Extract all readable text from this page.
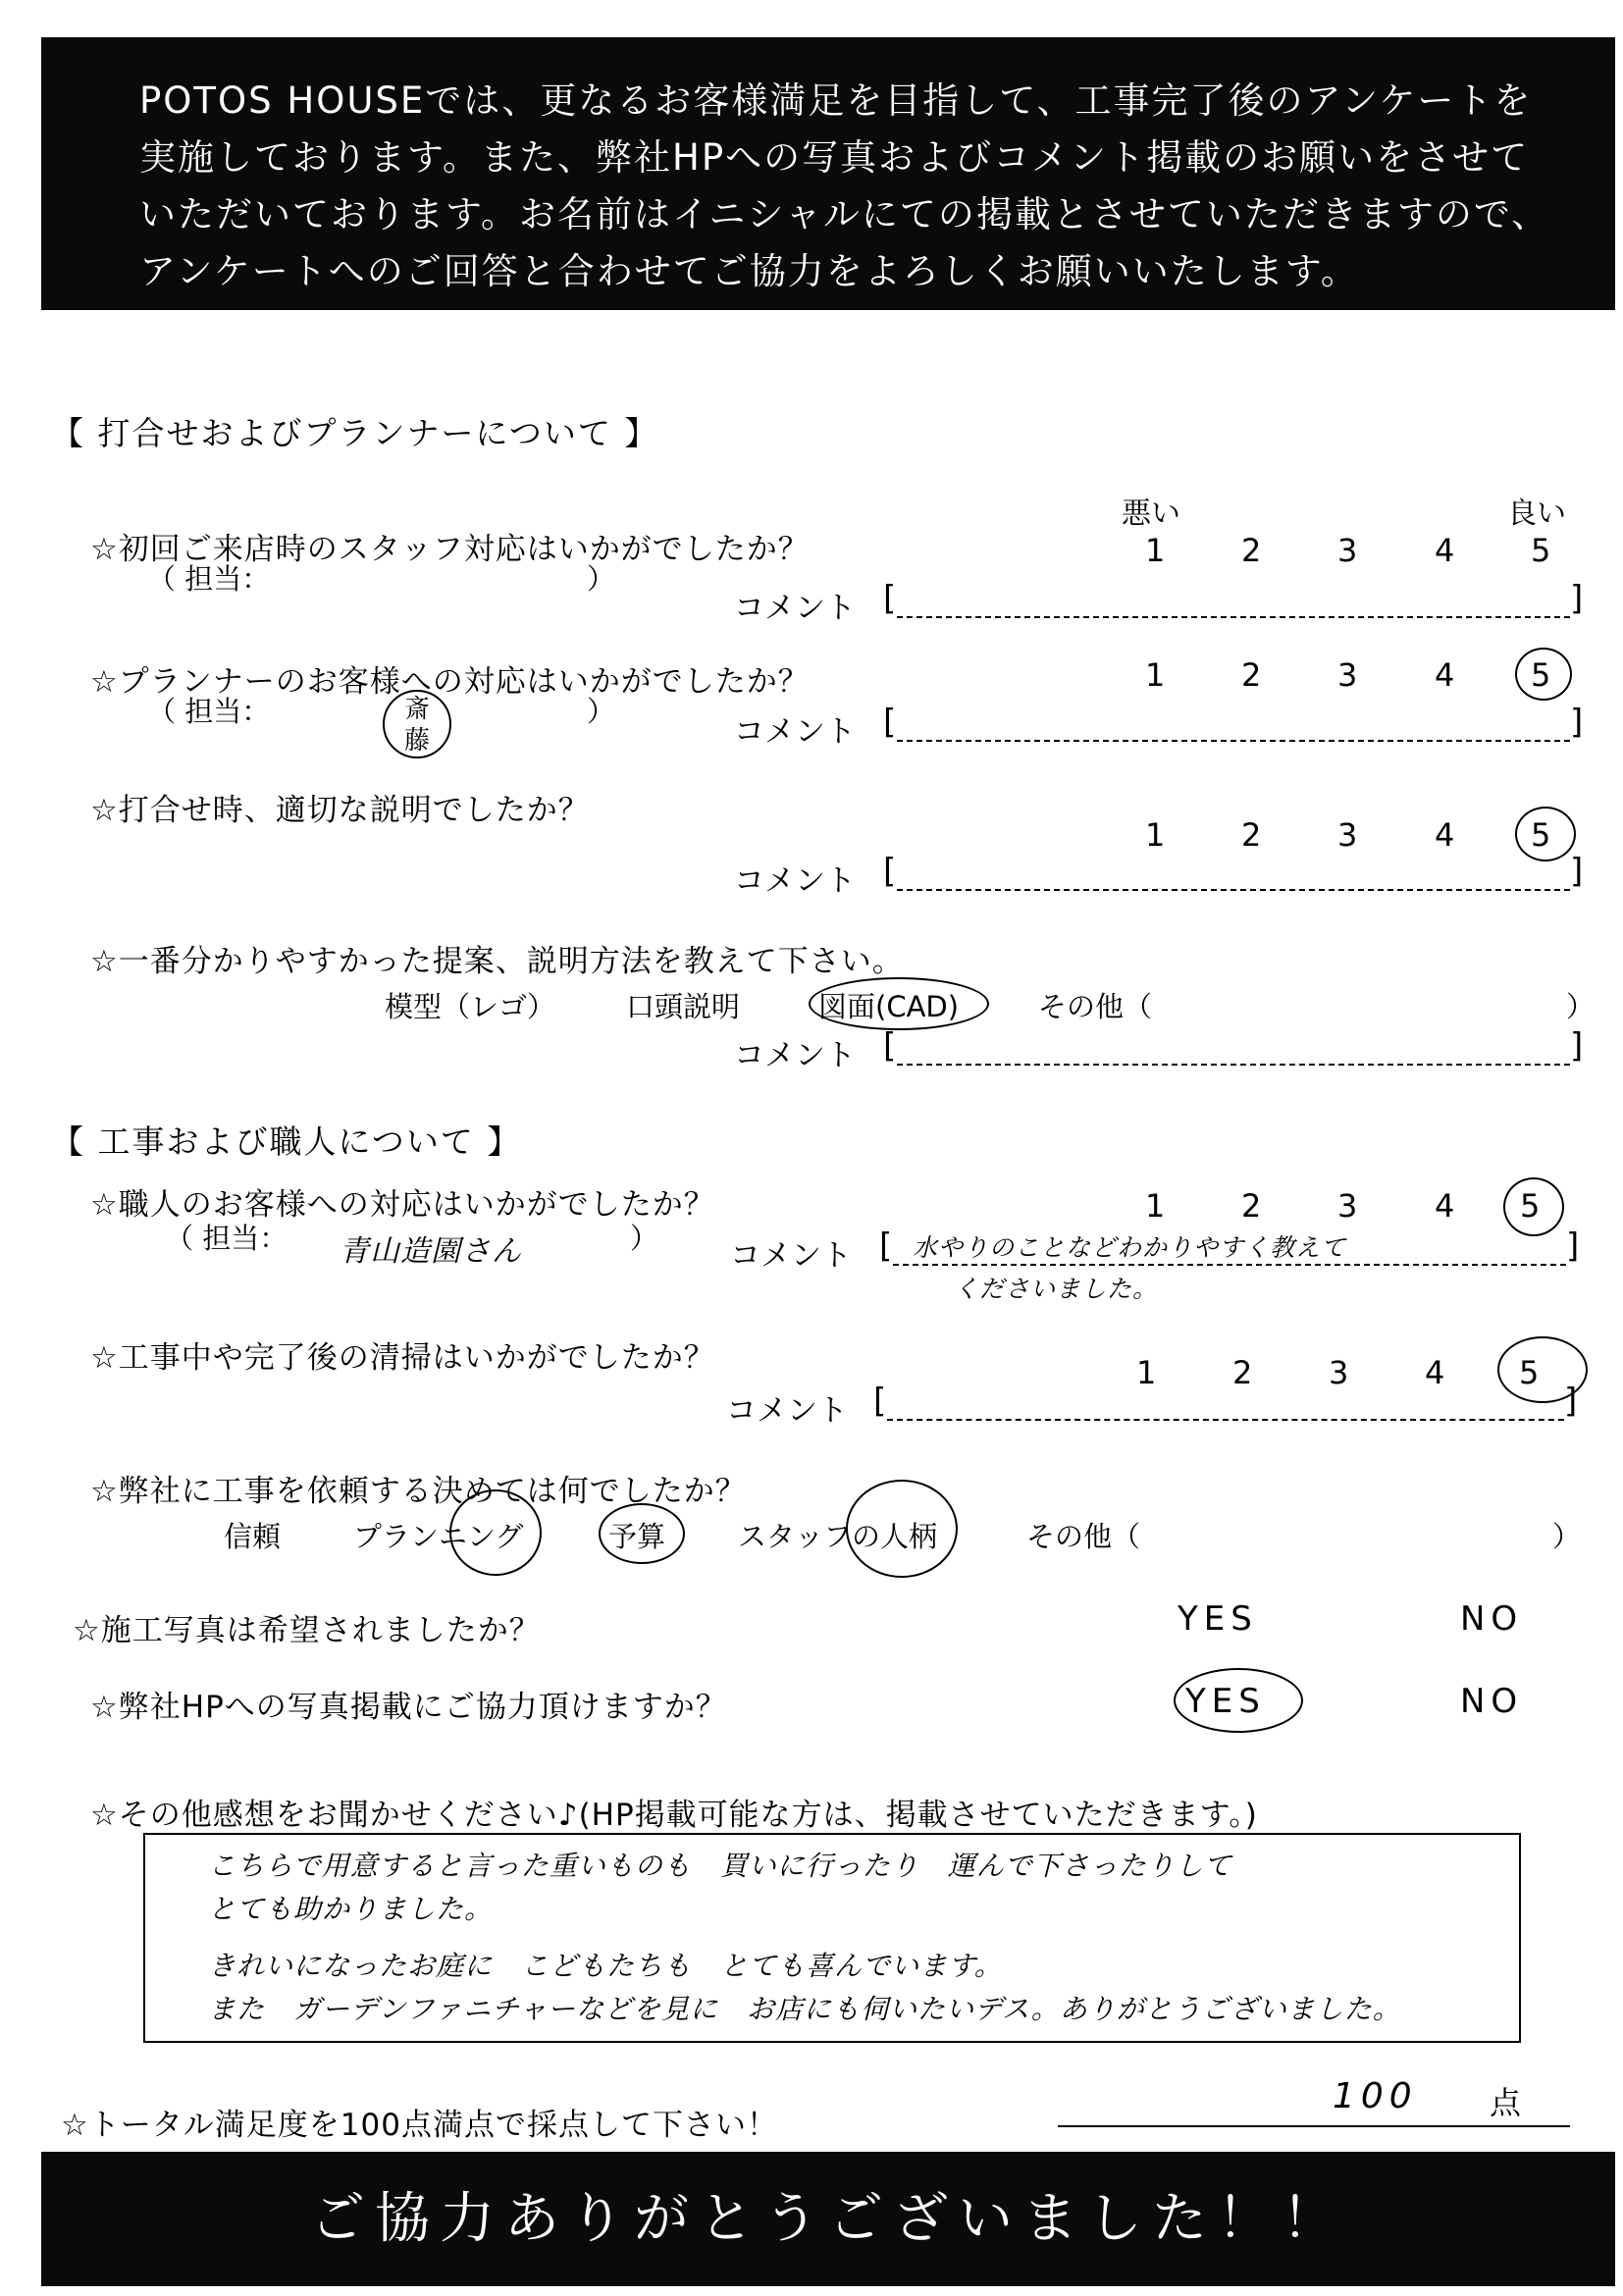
POTOS HOUSEでは、更なるお客様満足を目指して、工事完了後のアンケートを
実施しております。また、弊社HPへの写真およびコメント掲載のお願いをさせて
いただいております。お名前はイニシャルにての掲載とさせていただきますので、
アンケートへのご回答と合わせてご協力をよろしくお願いいたします。
【 打合せおよびプランナーについて 】
悪い	良い
☆初回ご来店時のスタッフ対応はいかがでしたか？
（ 担当：	）
1 2 3 4 5
コメント [	]
☆プランナーのお客様への対応はいかがでしたか？
（ 担当：	斎藤
）
1 2 3 4 5
コメント [	]
☆打合せ時、適切な説明でしたか？
1 2 3 4 5
コメント [	]
☆一番分かりやすかった提案、説明方法を教えて下さい。
模型（レゴ） 口頭説明	図面(CAD)	その他（	）
コメント [	]
【 工事および職人について 】
☆職人のお客様への対応はいかがでしたか？
（ 担当： 青山造園さん	）
1 2 3 4 5
コメント [ 水やりのことなどわかりやすく教えて	]
くださいました。
☆工事中や完了後の清掃はいかがでしたか？	1 2 3 4 5
コメント [	]
☆弊社に工事を依頼する決めては何でしたか？
信頼	プランニング	予算	スタッフの人柄	その他（	）
☆施工写真は希望されましたか？	YES	NO
☆弊社HPへの写真掲載にご協力頂けますか？	YES	NO
☆その他感想をお聞かせください♪(HP掲載可能な方は、掲載させていただきます。)
こちらで用意すると言った重いものも　買いに行ったり　運んで下さったりして
とても助かりました。
きれいになったお庭に　こどもたちも　とても喜んでいます。
また　ガーデンファニチャーなどを見に　お店にも伺いたいデス。ありがとうございました。
☆トータル満足度を100点満点で採点して下さい！
100 点
ご協力ありがとうございました！！
